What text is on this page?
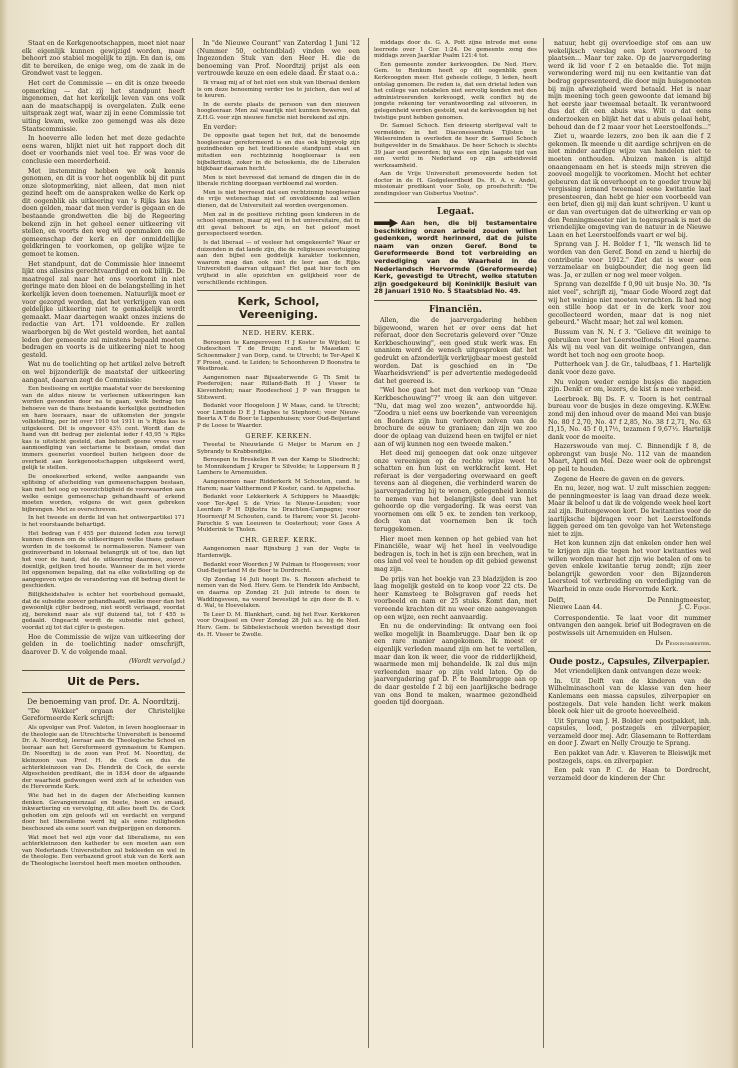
Staat en de Kerkgenootschappen, moet niet naar elk eigenlijk kunnen gewijzigd worden, maar behoort zoo stabiel mogelijk te zijn. En dan is, om dit te bereiken, de enige weg, om de zaak in de Grondwet vast te leggen.

Het cert de Commissie — en dit is onze tweede opmerking — dat zij het standpunt heeft ingenomen, dat het kerkelijk leven van ons volk aan de maatschappij is overgelaten. Zulk eene uitspraak zegt wat, waar zij in eene Commissie tot uiting kwam, welke zoo gemengd was als deze Staatscommissie.

In hoeverre alle leden het met deze gedachte eens waren, blijkt niet uit het rapport doch dit doet er voorhands niet veel toe. Er was voor de conclusie een meerderheid.

Met instemming hebben we ook kennis genomen, en dit is voor het oogenblik bij dit punt onze slotopmerking, niet alleen, dat men niet gezind heeft om de aanspraken welke de Kerk op dit oogenblik als uitkeering van 's Rijks kas kan doen gelden, maar dat men verder is gegaan en de bestaande grondwetten die bij de Regeering bekend zijn in het geheel eener uitkeering vit stellen, en voorts den weg wil openmaken om de gemeenschap der kerk en der onmiddellijke geldkringen te voorkomen, op gelijke wijze te gemoet te komen.

Het standpunt, dat de Commissie hier inneemt lijkt ons allesins gerechtvaardigd en ook billijk. De maatregel zal naar het ons voorkomt in niet geringe mate den bloei en de belangstelling in het kerkelijk leven doen toenemen. Natuurlijk moet er voor gezorgd worden, dat het verkrijgen van een geldelijke uitkeering niet te gemakkelijk wordt gemaakt. Maar daartegen waakt onzes inziens de redactie van Art. 171 voldoende. Er zullen waarborgen bij de Wet gesteld worden, het aantal leden der gemeente zal minstens bepaald moeten bedragen en voorts is de uitkeering niet te hoog gesteld.

Wat nu de toelichting op het artikel zelve betreft en wel bijzonderlijk de maatstaf der uitkeering aangaat, daarvan zegt de Commissie:

Een beslissing en eerlijke maatstaf voor de berekening van de aldus nieuw te verleenen uitkeeringen kan worden gevonden door na te gaan, welk bedrag ten behoeve van de thans bestaande kerkelijke gezindheden en hare leeraars, naar de uitkomsten der jongste volkstelling, per lid over 1910 tot 1911 in 's Rijks kas is uitgekeerd. Dit is ongeveer 43½ cent. Wordt dan de hand van dit bedrag per zielental ieder f 45,95 's Rijks kas is uitsticht gesteld, dan behoeft geene vrees voor aanmoediging van sectarisme te bestaan, omdat dan immers geenerlei voordeel buiten hetgeen door de overheid aan kerkgenootschappen uitgekeerd werd, gelijk te stellen.

De onoekeerbed erkend, welke aangaande van splitsing of afscheiding van gemeenschappen bestaan, kan met het oog op voorzichtigheid de voorwaarden aan welke eenige gemeenschap gehandhaafd of erkend moeten worden, volgens de wet geen gebreken bijbrengen. Met ze overschreven.

In het tweede en derde lid van het ontwerpartikel 171 is het voorstaande behartigd.

Het bedrag van f 455 per duizend leden zou terwijl kunnen dienen om de uitkeeringen welke thans gedaan worden in de toekomst te normaliseeren. Nameer van gezinsverband in lokenaal belangrijk uit of toe, dan ligt het voor de hand, dat de uitkeering daarmee, zoover doenlijk, gelijken tred houde. Wanneer de in het vierde lid opgenomen bepaling, dat na elke volkstelling op de aangegeven wijze de verandering van dit bedrag dient te geschieden.

Billijkheidshalve is echter het voorbehoud gemaakt, dat de subsidie zoover gehandhaafd, welke meer dan het gewoonlijk cijfer bedroeg, niet wordt verlaagd, voordat zij, berekend naar als vijf duizend tal, tot f 455 is gedaald. Ongeacht wordt de subsidie niet geheel, voordat zij tot dat cijfer is gestegen.

Hoe de Commissie de wijze van uitkeering der gelden in de toelichting nader omschrijft, daarover D. V. de volgende maal.

(Wordt vervolgd.)
Uit de Pers.
De benoeming van prof. Dr. A. Noordtzij.

"De Wekker" orgaan der Christelijke Gereformeerde Kerk schrijft:

Als opvolger van Prof. Valeton, in leven hoogleeraar in de theologie aan de Utrechtsche Universiteit is benoemd Dr. A. Noordtzij, leeraar aan de Theologische School en leeraar aan het Gereformeerd gymnasium te Kampen. Dr. Noordtzij is de zoon van Prof. M. Noordtzij, de kleinzoon van Prof. H. de Cock en dus de achterkleinzoon van Ds. Hendrik de Cock, de eerste Afgescheiden predikant, die in 1834 door de afgaande der waarheid gedwongen werd zich af te scheiden van de Hervormde Kerk.

Wie had het in de dagen der Afscheiding kunnen denken. Gevangenenzaal en boete, hoon en smaad, inkwartiering en vervolging, dit alles heeft Ds. de Cock gehoden om zijn geloofs wil en verdacht en vergund door het liberalisme werd hij als eene ruiligheden beschouwd als eene soort van dwijperijgen en domoren.

Wat moet het wel zijn voor dat liberalisme, nu een achterkleinzoon den katheder te een moeten aan een van Nederlands Universiteiten zal bekleeden en wel in de theologie. Een verbazend groot stuk van de Kerk aan de Theologische leerstoel heeft men moeten onthouden.

In "de Nieuwe Courant" van Zaterdag 1 Juni '12 (Nummer 50, ochtendblad) vinden we een Ingezonden Stuk van den Heer H. die de benoeming van Prof. Noordtzij prijst als een vertrouwde keuze en een edele daad. Er staat o.a.:

Ik vraag mij af of het niet een stuk van liberaal denken is om deze benoeming verder toe te juichen, dan wel af te keuren.

In de eerste plaats de persoon van den nieuwen hoogleeraar. Men zal waarlijk niet kunnen beweren, dat Z.H.G. voor zijn nieuwe functie niet berekend zal zijn.

En verder:

De opposite gaat tegen het feit, dat de benoemde hoogleeraar gereformeerd is en dus ook bijgevolg zijn gezindheden op het traditioneele standpunt staat en mitsdien een rechtzinnig hoogleeraar is een bijbelkritiek, zoker in de betoekenis, die de Liberalen blijkbaar daaraan hecht.

Men is niet bevreesd dat iemand de dingen die in de liberale richting doorgaan verbloemd zal worden.

Men is niet bevreesd dat een rechtzinnig hoogleeraar de vrije wetenschap niet of onvoldoende zal willen dienen, dat de Universiteit zal worden overgenomen.

Men zal in de positieve richting geen kinderen in de school opnemen, maar zij wel in het universitaire, dat in dit geval behoort te zijn, en het geloof moet gerespecteerd worden.

Is dat liberaal — of veeleer het omgekeerde? Waar er duizenden in dat lande zijn, die de religieuze overtuiging aan den bijbel een goddelijk karakter toekennen, waarom mag dan ook niet de leer aan de Rijks Universiteit daarvan uitgaan? Het gaat hier toch om vrijheid in alle opzichten en gelijkheid voor de verschillende richtingen.

Kerk, School, Vereeniging.
NED. HERV. KERK.

Beroepen te Kampereveen H J Koster te Wijckel; te Oudeschoot T de Bruijn; cand. te Maasdam C Schoenmaker J van Dorp, cand. te Utrecht; te Ter-Apel K F Proost, cand. te Leiden; te Schoonhoven D Boonstra te Westbroek.

Aangenomen naar Bijsaaterwende G Th Smit te Poederoijen; naar Rilland-Bath H J Visser te Kievenhofen; naar Roodeschool J P van Bruggen te Stitswerd.

Bedankt voor Hoogeloon J W Maas, cand. te Utrecht; voor Limbide D E J Haphes te Stephorst; voor Nieuw-Beerta A T de Boer te Lippenhuisen; voor Oud-Beijerland P de Loose te Waarder.

GEREF. KERKEN.

Tweetal te Nieuwlande G Meijer te Marum en J Sybrandy te Krabbendijke.

Beroepen te Breskelen R van der Kamp te Sliedrecht; te Monnikendam J Kruger te Silvolde; te Loppersum B J Lambers te Arnemuiden.

Aangenomen naar Ridderkerk M Schouten, cand. te Harem; naar Valthermond P Koster, cand. te Appelscha.

Bedankt voor Lekkerkerk A Schippers te Maasdijk; voor Ter-Apel S de Vries te Nieuw-Leusden; voor Leerdam P H Dijkstra te Drachten-Campagne; voor Hoornsvijf M Schouten, cand. te Harem; voor St. Jacobi-Parochie S van Leeuwen te Oosterhout; voor Goes A Mulderink te Tholen.

CHR. GEREF. KERK.

Aangenomen naar Rijnsburg J van der Vegte te Hardenwijk.

Bedankt voor Woerden J W Pulman te Hoogeveen; voor Oud-Beijerland M de Boer te Dordrecht.

Op Zondag 14 Juli hoopt Ds. S. Roozen afscheid te nemen van de Ned. Herv. Gem. te Hendrik Ido Ambacht, en daarna op Zondag 21 Juli intrede te doen te Waddingsveen, na voorof bevestigd te zijn door ds B. v. d. Wal, te Hoevelaken.

Te Leer D. M. Blankhart, cand. bij het Evar. Kerkkoren voor Ovaijssel en Over Zondag 28 Juli a.s. bij de Ned. Herv. Gem. te Sibbelevischouk worden bevestigd door ds. H. Visser te Zwolle.

middags door ds. G. A. Pott zijne intrede met eene leerrede over 1 Cor. 1:24. De gemeente zong des middags zeven Jaarklar Psalm 121:4 tot.

Een gemeente zonder kerkvoogden. De Ned. Herv. Gem. te Renkum heeft op dit oogenblik geen Kerkvoogden meer. Het geheele college, 5 leden, heeft ontslag genomen. De reden is, dat een drietal leden van het college van notabelen niet eervolig konden met den administreerenden kerkvoogd, welk conflict bij de jongste rekening ter verantwoording zal uitvoeren, in gelegenheid werden gesteld, wat de kerkvoogden bij het twistige punt hebben genomen.

Dr. Samuel Schoch. Een drieerig sterfgeval valt te vermelden: in het Diaconessenhuis Tijlsten te Welsereinden is overleden de heer dr. Samuel Schoch buitgevelder in de Smakhaus. De heer Schoch is slechts 39 jaar oud geworden; hij was een zijn laagste tijd van een verfoi in Nederland op zijn arbeidsveld werkzaamheid.

Aan de Vrije Universiteit promoveerde heden tot doctor in de H. Godgeleerdheid Ds. H. A. v. Andel, missionair predikant voor Solo, op proefschrift: "De zendingsleer van Gisbertus Voetius".

Legaat.
Aan hen, die bij testamentaire beschikking onzen arbeid zouden willen gedenken, wordt herinnerd, dat de juiste naam van onzen Geref. Bond te Gereformeerde Bond tot verbreiding en verdediging van de Waarheid in de Nederlandsch Hervormde (Gereformeerde) Kerk, gevestigd te Utrecht, welke statuten zijn goedgekeurd bij Koninklijk Besluit van 28 Januari 1910 No. 5 Staatsblad No. 49.
Financiën.

Allen, die de jaarvergadering hebben bijgewoond, waren het er over eens dat het referaat, door den Secretaris geleverd over "Onze Kerkbeschouwing", een goed stuk werk was. En unaniem werd de wensch uitgesproken dat het gedrukt en afzonderlijk verkrijgbaar moest gesteld worden. Dat is geschied en in "De Waarheidsvriend" is per advertentie medegedeeld dat het geereed is.

"Wel hoe gaat het met den verkoop van "Onze Kerkbeschouwing"?" vroeg ik aan den uitgever. "Nu, dat mag wel zoo wezen", antwoordde hij. "Zoodra u niet eens uw boerkende van vereenigen en Bonders zijn hun verhoren zelven van de brochure de eeuw te graniaen; dan zijn we zoo door de oplaag van duizend heen en twijfel er niet aan of wij kunnen nog een tweede maken."

Het deed mij genoegen dat ook onze uitgever onze vereenigen op de rechte wijze weet te schatten en hun lust en werkkracht kent. Het referaat is der vergadering overwaard en geeft tevens aan al diegenen, die verhinderd waren de jaarvergadering bij te wonen, gelegenheid kennis te nemen van het belangrijkste deel van het gehoorde op die vergadering. Ik was eerst van voornemen om elk 5 ex. te zenden ten verkoop, doch van dat voornemen ben ik toch teruggekomen.

Hier moet men kennen op het gebied van het Financiële, waar wij het heel in veelvoudige bedragen is, toch in het is zijn een brechen, wat in ons land vol veel te houden op dit gebied gewenst mag zijn.

De prijs van het boekje van 23 bladzijden is zoo laag mogelijk gesteld en te koop voor 22 cts. De heer Kamsteeg te Bolsgraven gaf reeds het voorbeeld en nam er 25 stuks. Komt dan, met vereende krachten dit nu weer onze aangevangen op een wijze, een recht aanvaardig.

En nu de ondervinding: Ik ontvang een fooi welke mogelijk in Baambrugge. Daar ben ik op een rare manier aangekomen. Ik moest er eigenlijk verleden maand zijn om het te vertellen, maar dan kon ik weer, die voor de ridderlijkheid, waarmede men mij behandelde. Ik zal dus mijn verleenden maar op zijn veld laten. Op de jaarvergadering gaf D. P. te Baambrugge aan op de daar gestelde f 2 bij een jaarlijksche bedrage van ons Bond te maken, waarmee gezondheid goeden tijd doorgaan.

natuur, hebt gij overvloedige stof om aan uw wekelijksch verslag een kort voorwoord te plaatsen... Maar ter zake. Op de jaarvergadering werd ik lid voor f 2 en betaalde die. Tot mijn verwondering werd mij nu een kwitantie van dat bedrag gepresenteerd, die door mijn huisgenooten bij mijn afwezigheid werd betaald. Het is naar mijn meening toch geen gewoonte dat iemand bij het eerste jaar tweemaal betaalt. Ik verantwoord dus dat dit een abuis was. Wilt u dat eens onderzoeken en blijkt het dat u abuis gelaai hebt, behoud dan de f 2 maar voor het Leerstoelfonds..."

Ziet u, waarde lezers, zoo ben ik aan die f 2 gekomen. Ik meende u dit aardige schrijven en de niet minder aardige wijze van handelen niet te moeten onthouden. Abuizen maken is altijd onaangenaam en het is steeds mijn streven die zooveel mogelijk te voorkomen. Mocht het echter gebeuren dat ik onverhoopt en te goeder trouw bij vergissing iemand tweemaal eene kwitantie laat presenteeren, dan hebt ge hier een voorbeeld van een brief, dien gij mij dan kunt schrijven. U kunt u er dan van overtuigen dat de uitwerking er van op den Penningmeester niet in tegenspraak is met de vriendelijke omgeving van de natuur in de Nieuwe Laan en het Leerstoelfonds vaart er wel bij.

Sprang van J. H. Bolder f 1, "Ik wensch lid te worden van den Geref. Bond en zend u hierbij de contributie voor 1912." Ziet dat is weer een verzamelaar en buigbounder, die nog geen lid was. Ja, er zullen er nog wel meer volgen.

Sprang van dezelfde f 0,90 uit busje No. 30. "Is niet veel", schrijft zij, "maar Gode Woord zegt dat wij het weinige niet moeten verachten. Ik had nog een stille hoop dat er in de kerk voor zou gecollecteerd worden, maar dat is nog niet gebeurd." Wacht maar; het zal wel komen.

Bussum van N. N. f 3. "Gelieve dit weinige te gebruiken voor het Leerstoelfonds." Heel gaarne. Als wij nu veel van dit weinige ontvangen, dan wordt het toch nog een groote hoop.

Putterhoek van J. de Gr., taludbaas, f 1. Hartelijk dank voor deze gave.

Nu volgen weder eenige busjes die nagezien zijn. Denkt er om, lezers, de kist is mee verbeid.

Leerbroek. Bij Ds. F. v. Toorn is het centraal bureau voor de busjes in deze omgeving. K.W.Ew. zond mij den inhoud over de maand Mei van busje No. 80 f 2,70, No. 47 f 2,85, No. 38 f 2,71, No. 63 f1,15, No. 45 f 0,17½, tezamen f 9,67½. Hartelijk dank voor de moeite.

Hazerswoude van mej. C. Binnendijk f 8, de opbrengst van busje No. 112 van de maanden Maart, April en Mei. Deze weer ook de opbrengst op peil te houden.

Zegene de Heere de gaven en de gevers.

En nu, lezer, nog wat. U zult misschien zeggen: de penningmeester is laag van draad deze week. Maar ik beloof u dat ik de volgende week heel kort zal zijn. Buitengewoon kort. De kwitanties voor de jaarlijksche bijdragen voor het Leerstoelfonds liggen gereed om ten gevolge van het Wetenstege niet te zijn.

Het kon kunnen zijn dat enkelen onder hen wel te krijgen zijn die tegen het voor kwitanties wel willen worden maar het zijn wie betalen of om te geven enkele kwitantie terug zendt; zijn zeer belangrijk geworden voor den Bijzonderen Leerstoel tot verbreiding en verdediging van de Waarheid in onze oude Hervormde Kerk.

Delft,
Nieuwe Laan 44.
De Penningmeester,
J. C. Fijnje.

Correspondentie. Te laat voor dit nummer ontvangen den aangek. brief uit Bodegraven en de postwissels uit Arnemuiden en Hulsen.

De Penningmeester.
Oude postz., Capsules, Zilverpapier.

Met vriendelijken dank ontvangen deze week:

In. Uit Delft van de kinderen van de Wilhelminaschool van de klasse van den heer Kanlemans een massa capsules, zilverpapier en postzegels. Dat vele handen licht werk maken bleek ook hier uit de groote hoeveelheid.

Uit Sprang van J. H. Bolder een postpakket, inh. capsules, lood, postzegels en zilverpapier, verzameld door mej. Adr. Glasemann te Rotterdam en door J. Zwart en Nelly Crouzje te Sprang.

Een pakket van Adr. v. Klaveren te Bleiswijk met postzegels, caps. en zilverpapier.

Een pak van P. C. de Haan te Dordrecht, verzameld door de kinderen der Chr.
